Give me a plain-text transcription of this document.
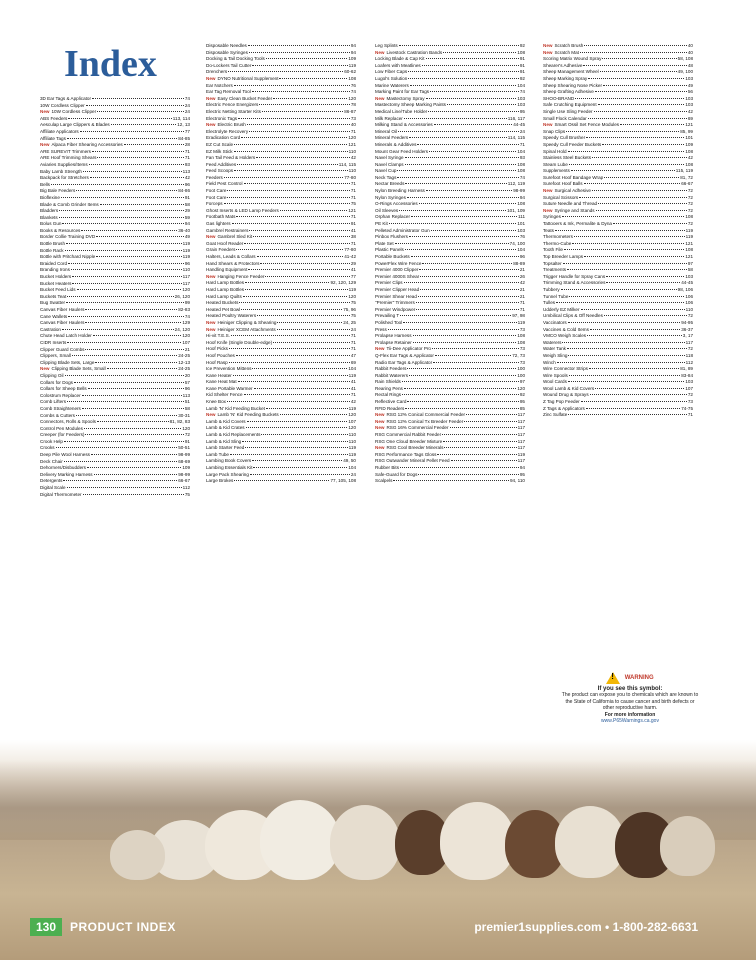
Index
3D Ear Tags & Applicator	74
10W Cordless Clipper	24
New 10W Cordless Clipper	24
ABS Feeders	113, 114
Aesculap Large Clippers & Blades	12, 13
Affiliate Applicators	77
Affiliate Tags	84-85
New Alpaca Fiber Shearing Accessories	28
ARE SUREVIT Trimmers	71
ARE Hoof Trimming Shears	71
Aviaries Supplies/Items	93
Baby Lamb Strength	113
Backpack for Stretchers	42
Bells	96
Big Bale Feeders	84-86
Bioflexine	91
Blade & Comb Grinder Items	58
Bladders	29
Blankets	59
Bolus Gun	94
Books & Resources	36-40
Border Collie Training DVD	49
Bottle Brush	119
Bottle Rack	119
Bottle with Pritchard Nipple	119
Braided Cord	96
Branding Irons	110
Bucket Holders	117
Bucket Heaters	117
Bucket Feed Lids	120
Buckets Teat	26, 120
Bug Swatter	99
Canvas Fiber Haulers	82-83
Cane Wallets	74
Canvas Fiber Haulers	129
Castration	24, 120
Chute Head Latch Holder	120
CIDR Inserts	107
Clipper Guard Combs	21
Clippers, Small	24-25
Clipping Blade Sets, Large	12-13
New Clipping Blade Sets, Small	24-25
Clipping Oil	20
Collars for Dogs	57
Collars for Sheep Bells	96
Colostrum Replacer	113
Comb Lifters	51
Comb Straighteners	58
Combs & Cutters	30-31
Connectors, Rolls & Spools	81, 82, 83
Control Pen Modules	120
Creeper (for Feeders)	72
Crook Help	91
Crooks	50-51
Deep Pile Wool Harness	98-99
Deck Chair	68-69
Dehorners/Disbudders	109
Delivery Marking Harness	98-99
Detergents	66-67
Digital Scale	112
Digital Thermometer	75
Disposable Needles	94
Disposable Syringes	94
Docking & Tail Docking Tools	109
Do-Lockers Tail Cutter	119
Drenchers	60-62
New DYNO Nutritional Supplement	108
Ear Notchers	76
Ear Tag Removal Tool	74
New Easy Clean Bucket Feeder	120
Electric Fence Energizers	78
Electric Netting Starter Kits	86-87
Electronic Tags	73
New Electric Brush	40
Electrolyte Recovery	71
Eradication Cord	120
EZ Cut Scale	121
EZ Milk Stick	110
Fan Tail Feed & Holders	42
Feed Additives	114, 115
Feed Scoops	110
Feeders	77-80
Field Pest Control	71
Foot Care	71
Foot Care	71
Forceps	75
Ghost Inserts & LED Lamp Feeders	121
Footbath Mats	71
Gas lighters	91
Gambrel Restrainers	41
New Gambrel Sled Kit	38
Goat Hoof Reader	71
Grain Feeders	77-80
Halters, Leads & Collars	41-42
Hand Shears & Protectors	29
Handling Equipment	41
New Hanging Fence Feeder	77
Hard Lamp Bottles	92, 120, 129
Hard Lamp Bottles	119
Hard Lamp Quilts	120
Heated Buckets	75
Heated Pet Bowl	75, 96
Heated Poultry Waterers	75
New Heiniger Clipping & Shearing	24, 25
New Heiniger XCEM Attachments	24
Hi-vit T.E.S.	71
Hoof Knife (Single Double-edge)	71
Hoof Picks	71
Hoof Pouches	47
Hoof Rasp	69
Ice Prevention Mittens	104
Kane Heater	119
Kane Heat Mat	41
Kane Portable Warmer	41
Kid Shelter Fence	71
Knee Box	42
Lamb 'N' Kid Feeding Bucket	119
New Lamb 'N' Kid Feeding Buckets	120
Lamb & Kid Covers	107
Lamb & Kid Crates	120
Lamb & Kid Replacements	110
Lamb & Kid Sling	110
Lamb Starter Feed	119
Lamb Tube	119
Lambing Book Covers	49, 50
Lambing Essentials Kit	104
Large Pack Shearing	24
Large Brokes	77, 105, 108
Leg Splints	92
New Livestock Castration Bands	108
Locking Blade & Cap Kit	91
Loafers with Meatlines	91
Low Fiber Caps	91
Lugol's Solution	92
Marine Waterers	104
Marking Paint for Ear Tags	74
New Mastectomy Spray	103
Mastectomy Sheep Marking Paints	103
Medical Line/Tube Holder	95
Milk Replacer	116, 117
Milking Stand & Accessories	44-45
Mineral Oil	24
Mineral Feeders	114, 115
Minerals & Additives	71
Mount Gear Feed Holders	104
Navel Syringe	93
Navel Clamps	108
Navel Cup	108
Neck Tags	74
Nectar Breeds	112, 119
Nylon Breeding Harness	98-99
Nylon Syringes	94
O-Rings Accessories	108
Oil Sleeves	101, 109
Orphan Replacer	111
PE Kit	101
Pelleted Administrator Gun	103
Pinbox Flushers	76
Plate Set	74, 100
Plastic Panels	104
Portable Buckets	96
PowerFlex Wire Fence	88-89
Premier 4000 Clipper	21
Premier 4000S Shear	26
Premier Clips	42
Premier Clipper Head	21
Premier Shear Head	21
"Premier" Trimmers	71
Premier Windpower	71
Prevailing T	97, 98
Polished Tool	119
Press	73
Prolapse Harness	108
Prolapse Retainer	108
New Tii-Dee Applicator Pro	73
Q-Flex Ear Tags & Applicator	72, 73
Radio Ear Tags & Applicator	73
Rabbit Feeders	100
Rabbit Waterers	100
Rain Shields	97
Rearing Pens	120
Rectal Rings	92
Reflective Card	95
RFID Readers	85
New RSG 12% Conical Commercial Feeder	117
New RSG 12% Conical Tx Breeder Feeder	117
New RSG 16% Commercial Feeder	117
RSG Commercial Rabbit Feeder	117
RSG One Cloud Breeder Mixture	117
New RSG Cool Breeder Minerals	117
RSG Performance Tags Gloss	119
RSG Outwander Mineral Pellet Feed	117
Rubber Bits	94
Safe-Guard for Dogs	95
Scalpels	94, 110
New Scratch Brush	40
New Scratch Mat	40
Scoring Matrix Wound Spray	58, 108
Shearer's Adhesive	48
Sheep Management Wheel	49, 100
Sheep Marking Spray	103
Sheep Shearing Nose Picker	49
Sheep Grafting Adhesive	56
SHOO-BRAND	103
Safe Crutching Equipment	103
Single Use Sling Feeder	42
Small Flock Calendar	69
New Smart Ossil Set Fence Modules	121
Snap Clips	85, 99
Speedy Cull Brusher	101
Speedy Cull Feeder Buckets	109
Spinal Hold	108
Stainless Steel Buckets	42
Steam Lube	108
Supplements	115, 119
Surefoot Hoof Bandage Wrap	81, 72
Surefoot Hoof Balls	66-67
New Surgical Adhesive	72
Surgical Scissors	72
Suture Needle and Thread	72
New Syringe and Stands	72
Syringes	108
Tattooers & Ink, Permalite & Dyna	72
Teats	119
Thermometers	119
Thermo-Cube	121
Tooth File	108
Top Breeder Lamps	121
Topsalter	97
Treatments	58
Trigger Handle for Spray Cans	103
Trimming Stand & Accessories	44-45
Tubbery	98, 106
Tunnel Tube	106
Tulles	106
Udderly EZ Milker	110
Umbilical Clips & Off Needles	72
Vaccinators	94-95
Vaccines & Cold Items	36-37
VMCO Weigh Scales	3, 17
Waterers	117
Water Tank	72
Weigh Sling	118
Winch	112
Wire Connector Strips	81, 89
Wire Spools	83-84
Wool Cards	103
Wool Lamb & Kid Covers	107
Wound Drug & Sprays	72
Z Tag Pop Feeder	73
Z Tags & Applicators	74-75
Zinc Sulfate	71
! WARNING
If you see this symbol:
The product can expose you to chemicals which are known to the State of California to cause cancer and birth defects or other reproductive harm.
For more information
www.P65Warnings.ca.gov
130	PRODUCT INDEX	premier1supplies.com • 1-800-282-6631
